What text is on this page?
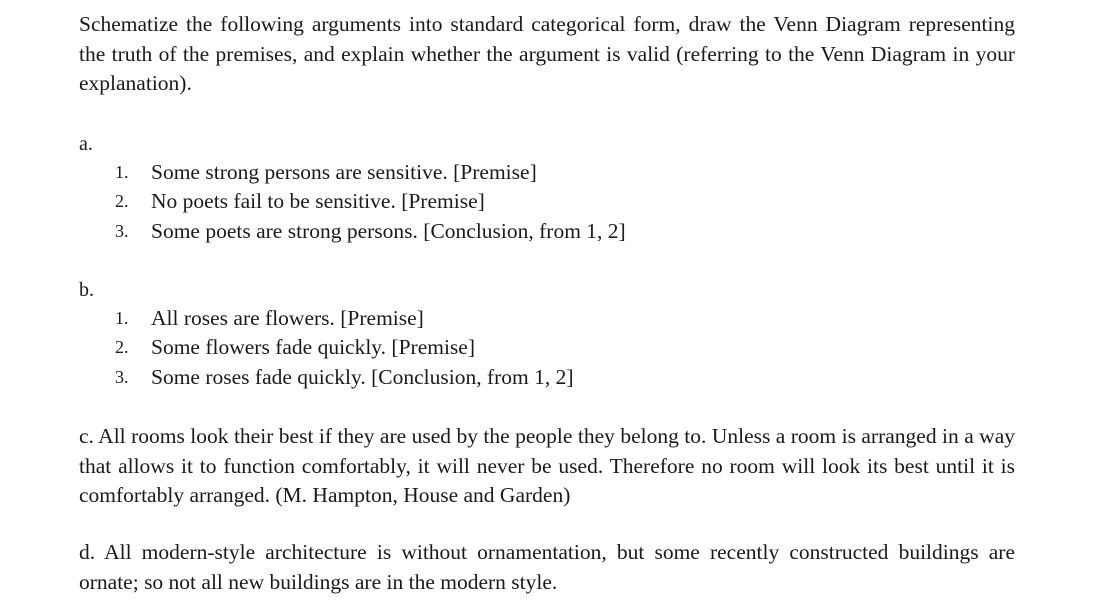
Schematize the following arguments into standard categorical form, draw the Venn Diagram representing the truth of the premises, and explain whether the argument is valid (referring to the Venn Diagram in your explanation).

a.

1.	Some strong persons are sensitive. [Premise]
2.	No poets fail to be sensitive. [Premise]
3.	Some poets are strong persons. [Conclusion, from 1, 2]

b.

1.	All roses are flowers. [Premise]
2.	Some flowers fade quickly. [Premise]
3.	Some roses fade quickly. [Conclusion, from 1, 2]

c. All rooms look their best if they are used by the people they belong to. Unless a room is arranged in a way that allows it to function comfortably, it will never be used. Therefore no room will look its best until it is comfortably arranged. (M. Hampton, House and Garden)

d. All modern-style architecture is without ornamentation, but some recently constructed buildings are ornate; so not all new buildings are in the modern style.
